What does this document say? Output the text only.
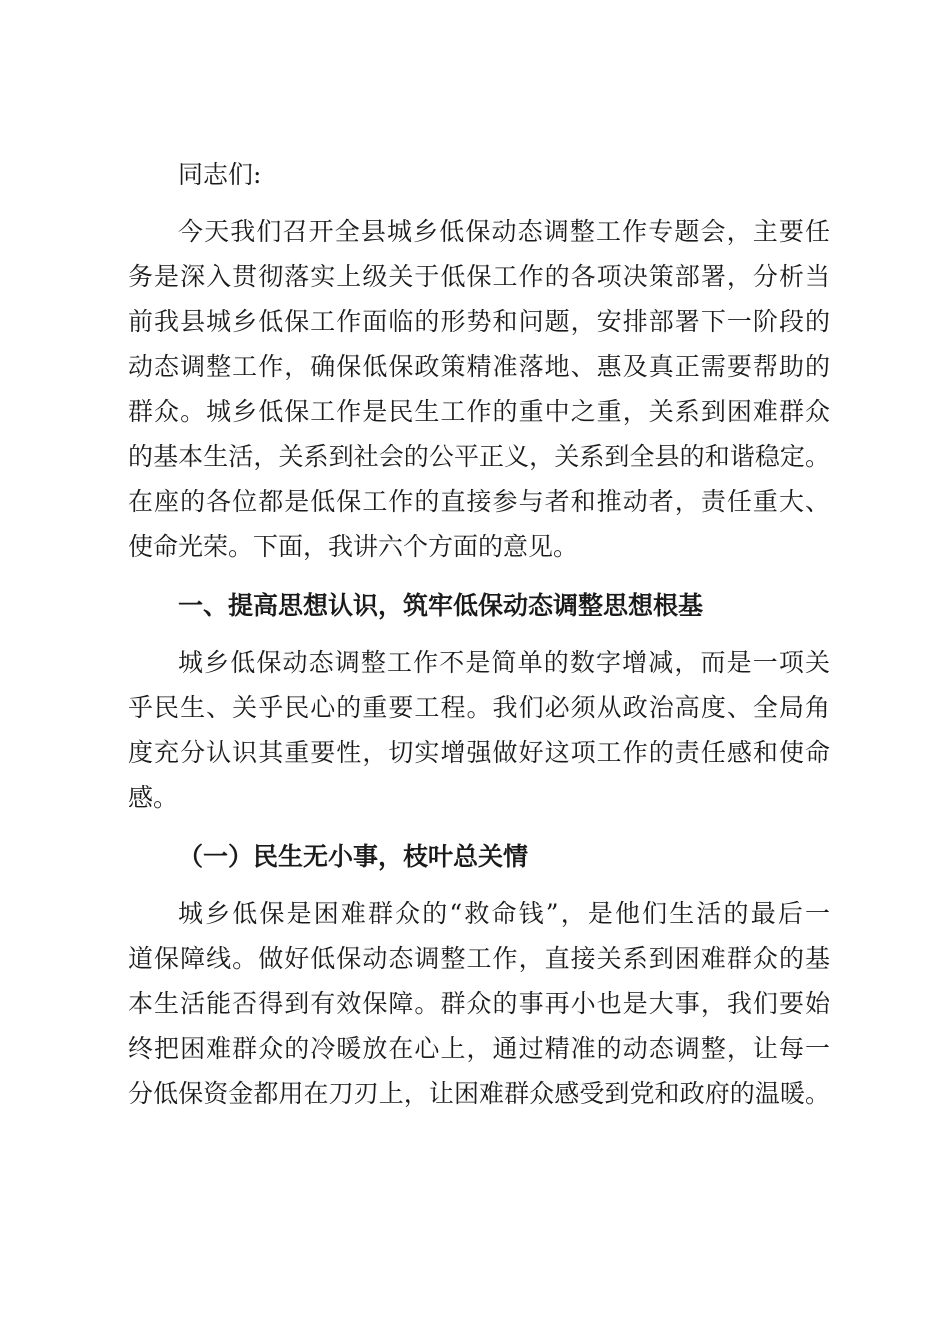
同志们:
今天我们召开全县城乡低保动态调整工作专题会，主要任
务是深入贯彻落实上级关于低保工作的各项决策部署，分析当
前我县城乡低保工作面临的形势和问题，安排部署下一阶段的
动态调整工作，确保低保政策精准落地、惠及真正需要帮助的
群众。城乡低保工作是民生工作的重中之重，关系到困难群众
的基本生活，关系到社会的公平正义，关系到全县的和谐稳定。
在座的各位都是低保工作的直接参与者和推动者，责任重大、
使命光荣。下面，我讲六个方面的意见。
一、提高思想认识，筑牢低保动态调整思想根基
城乡低保动态调整工作不是简单的数字增减，而是一项关
乎民生、关乎民心的重要工程。我们必须从政治高度、全局角
度充分认识其重要性，切实增强做好这项工作的责任感和使命
感。
（一）民生无小事，枝叶总关情
城乡低保是困难群众的“救命钱”，是他们生活的最后一
道保障线。做好低保动态调整工作，直接关系到困难群众的基
本生活能否得到有效保障。群众的事再小也是大事，我们要始
终把困难群众的冷暖放在心上，通过精准的动态调整，让每一
分低保资金都用在刀刃上，让困难群众感受到党和政府的温暖。
